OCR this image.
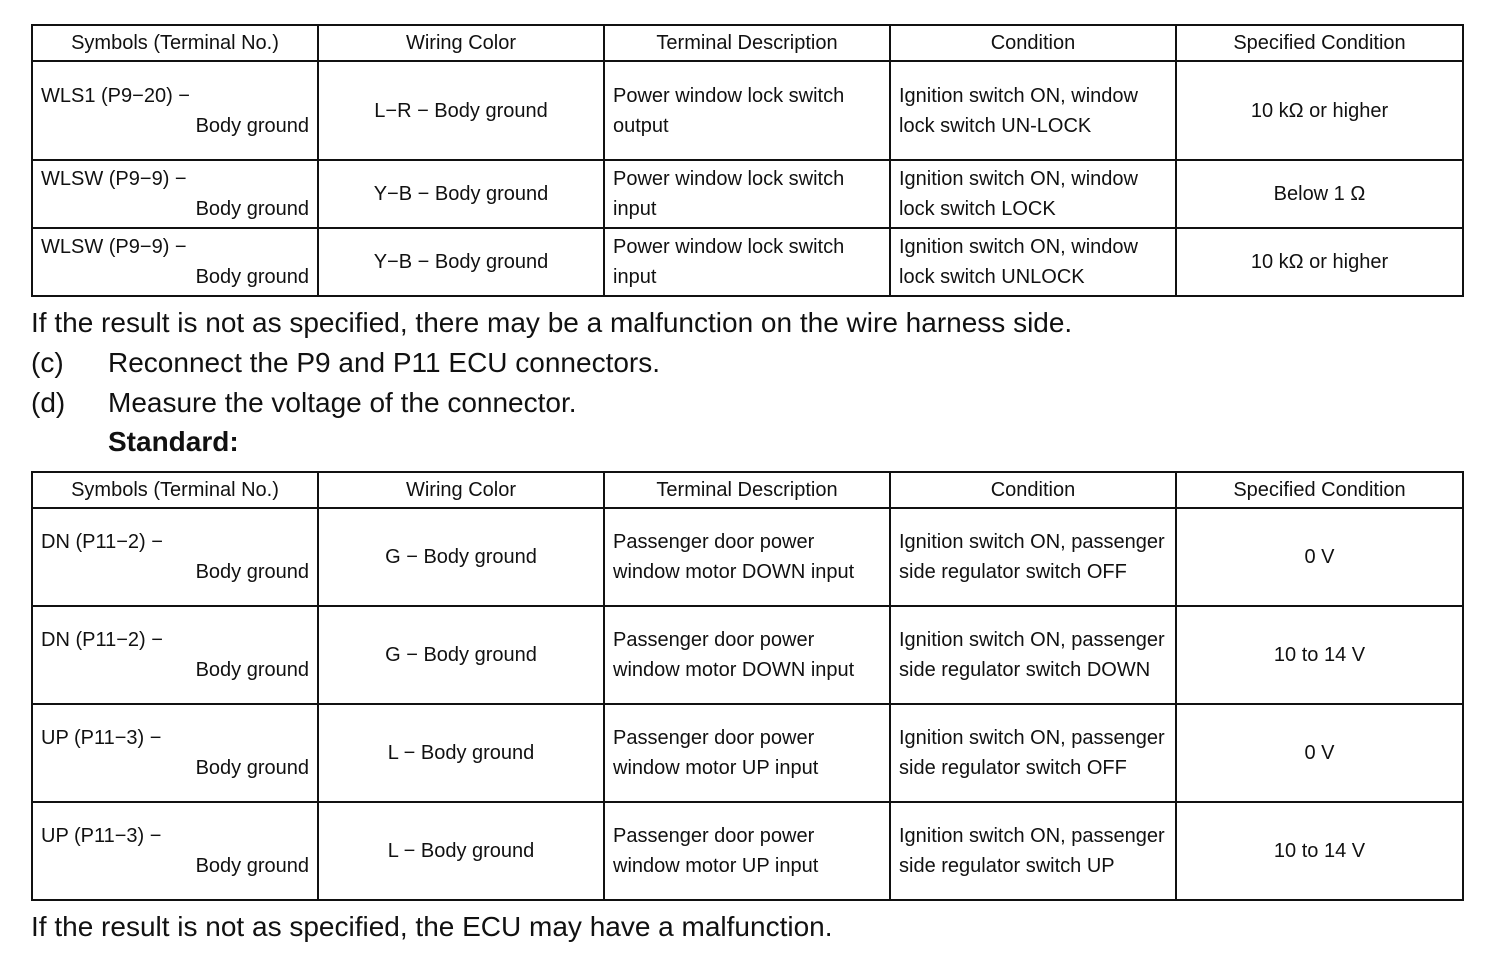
Symbols (Terminal No.)	Wiring Color	Terminal Description	Condition	Specified Condition

WLS1 (P9−20) −
Body ground	L−R − Body ground	Power window lock switch output	Ignition switch ON, window lock switch UN-LOCK	10 kΩ or higher

WLSW (P9−9) −
Body ground	Y−B − Body ground	Power window lock switch input	Ignition switch ON, window lock switch LOCK	Below 1 Ω

WLSW (P9−9) −
Body ground	Y−B − Body ground	Power window lock switch input	Ignition switch ON, window lock switch UNLOCK	10 kΩ or higher
If the result is not as specified, there may be a malfunction on the wire harness side.
(c) Reconnect the P9 and P11 ECU connectors.
(d) Measure the voltage of the connector.
Standard:
Symbols (Terminal No.)	Wiring Color	Terminal Description	Condition	Specified Condition

DN (P11−2) −
Body ground	G − Body ground	Passenger door power window motor DOWN input	Ignition switch ON, passenger side regulator switch OFF	0 V

DN (P11−2) −
Body ground	G − Body ground	Passenger door power window motor DOWN input	Ignition switch ON, passenger side regulator switch DOWN	10 to 14 V

UP (P11−3) −
Body ground	L − Body ground	Passenger door power window motor UP input	Ignition switch ON, passenger side regulator switch OFF	0 V

UP (P11−3) −
Body ground	L − Body ground	Passenger door power window motor UP input	Ignition switch ON, passenger side regulator switch UP	10 to 14 V
If the result is not as specified, the ECU may have a malfunction.
